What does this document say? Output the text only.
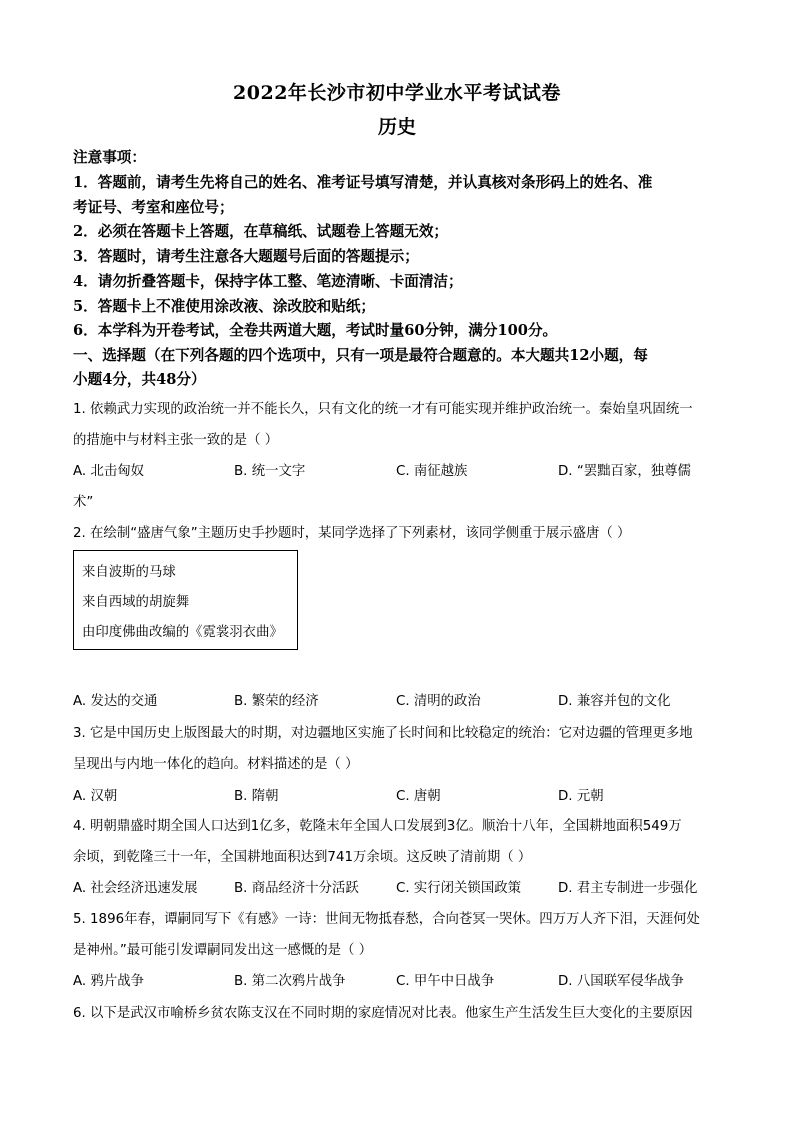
2022年长沙市初中学业水平考试试卷
历史
注意事项：
1．答题前，请考生先将自己的姓名、准考证号填写清楚，并认真核对条形码上的姓名、准
考证号、考室和座位号；
2．必须在答题卡上答题，在草稿纸、试题卷上答题无效；
3．答题时，请考生注意各大题题号后面的答题提示；
4．请勿折叠答题卡，保持字体工整、笔迹清晰、卡面清洁；
5．答题卡上不准使用涂改液、涂改胶和贴纸；
6．本学科为开卷考试，全卷共两道大题，考试时量60分钟，满分100分。
一、选择题（在下列各题的四个选项中，只有一项是最符合题意的。本大题共12小题，每
小题4分，共48分）
1. 依赖武力实现的政治统一并不能长久，只有文化的统一才有可能实现并维护政治统一。秦始皇巩固统一
的措施中与材料主张一致的是（ ）
A. 北击匈奴	B. 统一文字	C. 南征越族	D. “罢黜百家，独尊儒
术”
2. 在绘制“盛唐气象”主题历史手抄题时，某同学选择了下列素材，该同学侧重于展示盛唐（ ）
来自波斯的马球
来自西域的胡旋舞
由印度佛曲改编的《霓裳羽衣曲》
A. 发达的交通	B. 繁荣的经济	C. 清明的政治	D. 兼容并包的文化
3. 它是中国历史上版图最大的时期，对边疆地区实施了长时间和比较稳定的统治：它对边疆的管理更多地
呈现出与内地一体化的趋向。材料描述的是（ ）
A. 汉朝	B. 隋朝	C. 唐朝	D. 元朝
4. 明朝鼎盛时期全国人口达到1亿多，乾隆末年全国人口发展到3亿。顺治十八年，全国耕地面积549万
余顷，到乾隆三十一年，全国耕地面积达到741万余顷。这反映了清前期（ ）
A. 社会经济迅速发展	B. 商品经济十分活跃	C. 实行闭关锁国政策	D. 君主专制进一步强化
5. 1896年春，谭嗣同写下《有感》一诗：世间无物抵春愁，合向苍冥一哭休。四万万人齐下泪，天涯何处
是神州。”最可能引发谭嗣同发出这一感慨的是（ ）
A. 鸦片战争	B. 第二次鸦片战争	C. 甲午中日战争	D. 八国联军侵华战争
6. 以下是武汉市喻桥乡贫农陈支汉在不同时期的家庭情况对比表。他家生产生活发生巨大变化的主要原因
